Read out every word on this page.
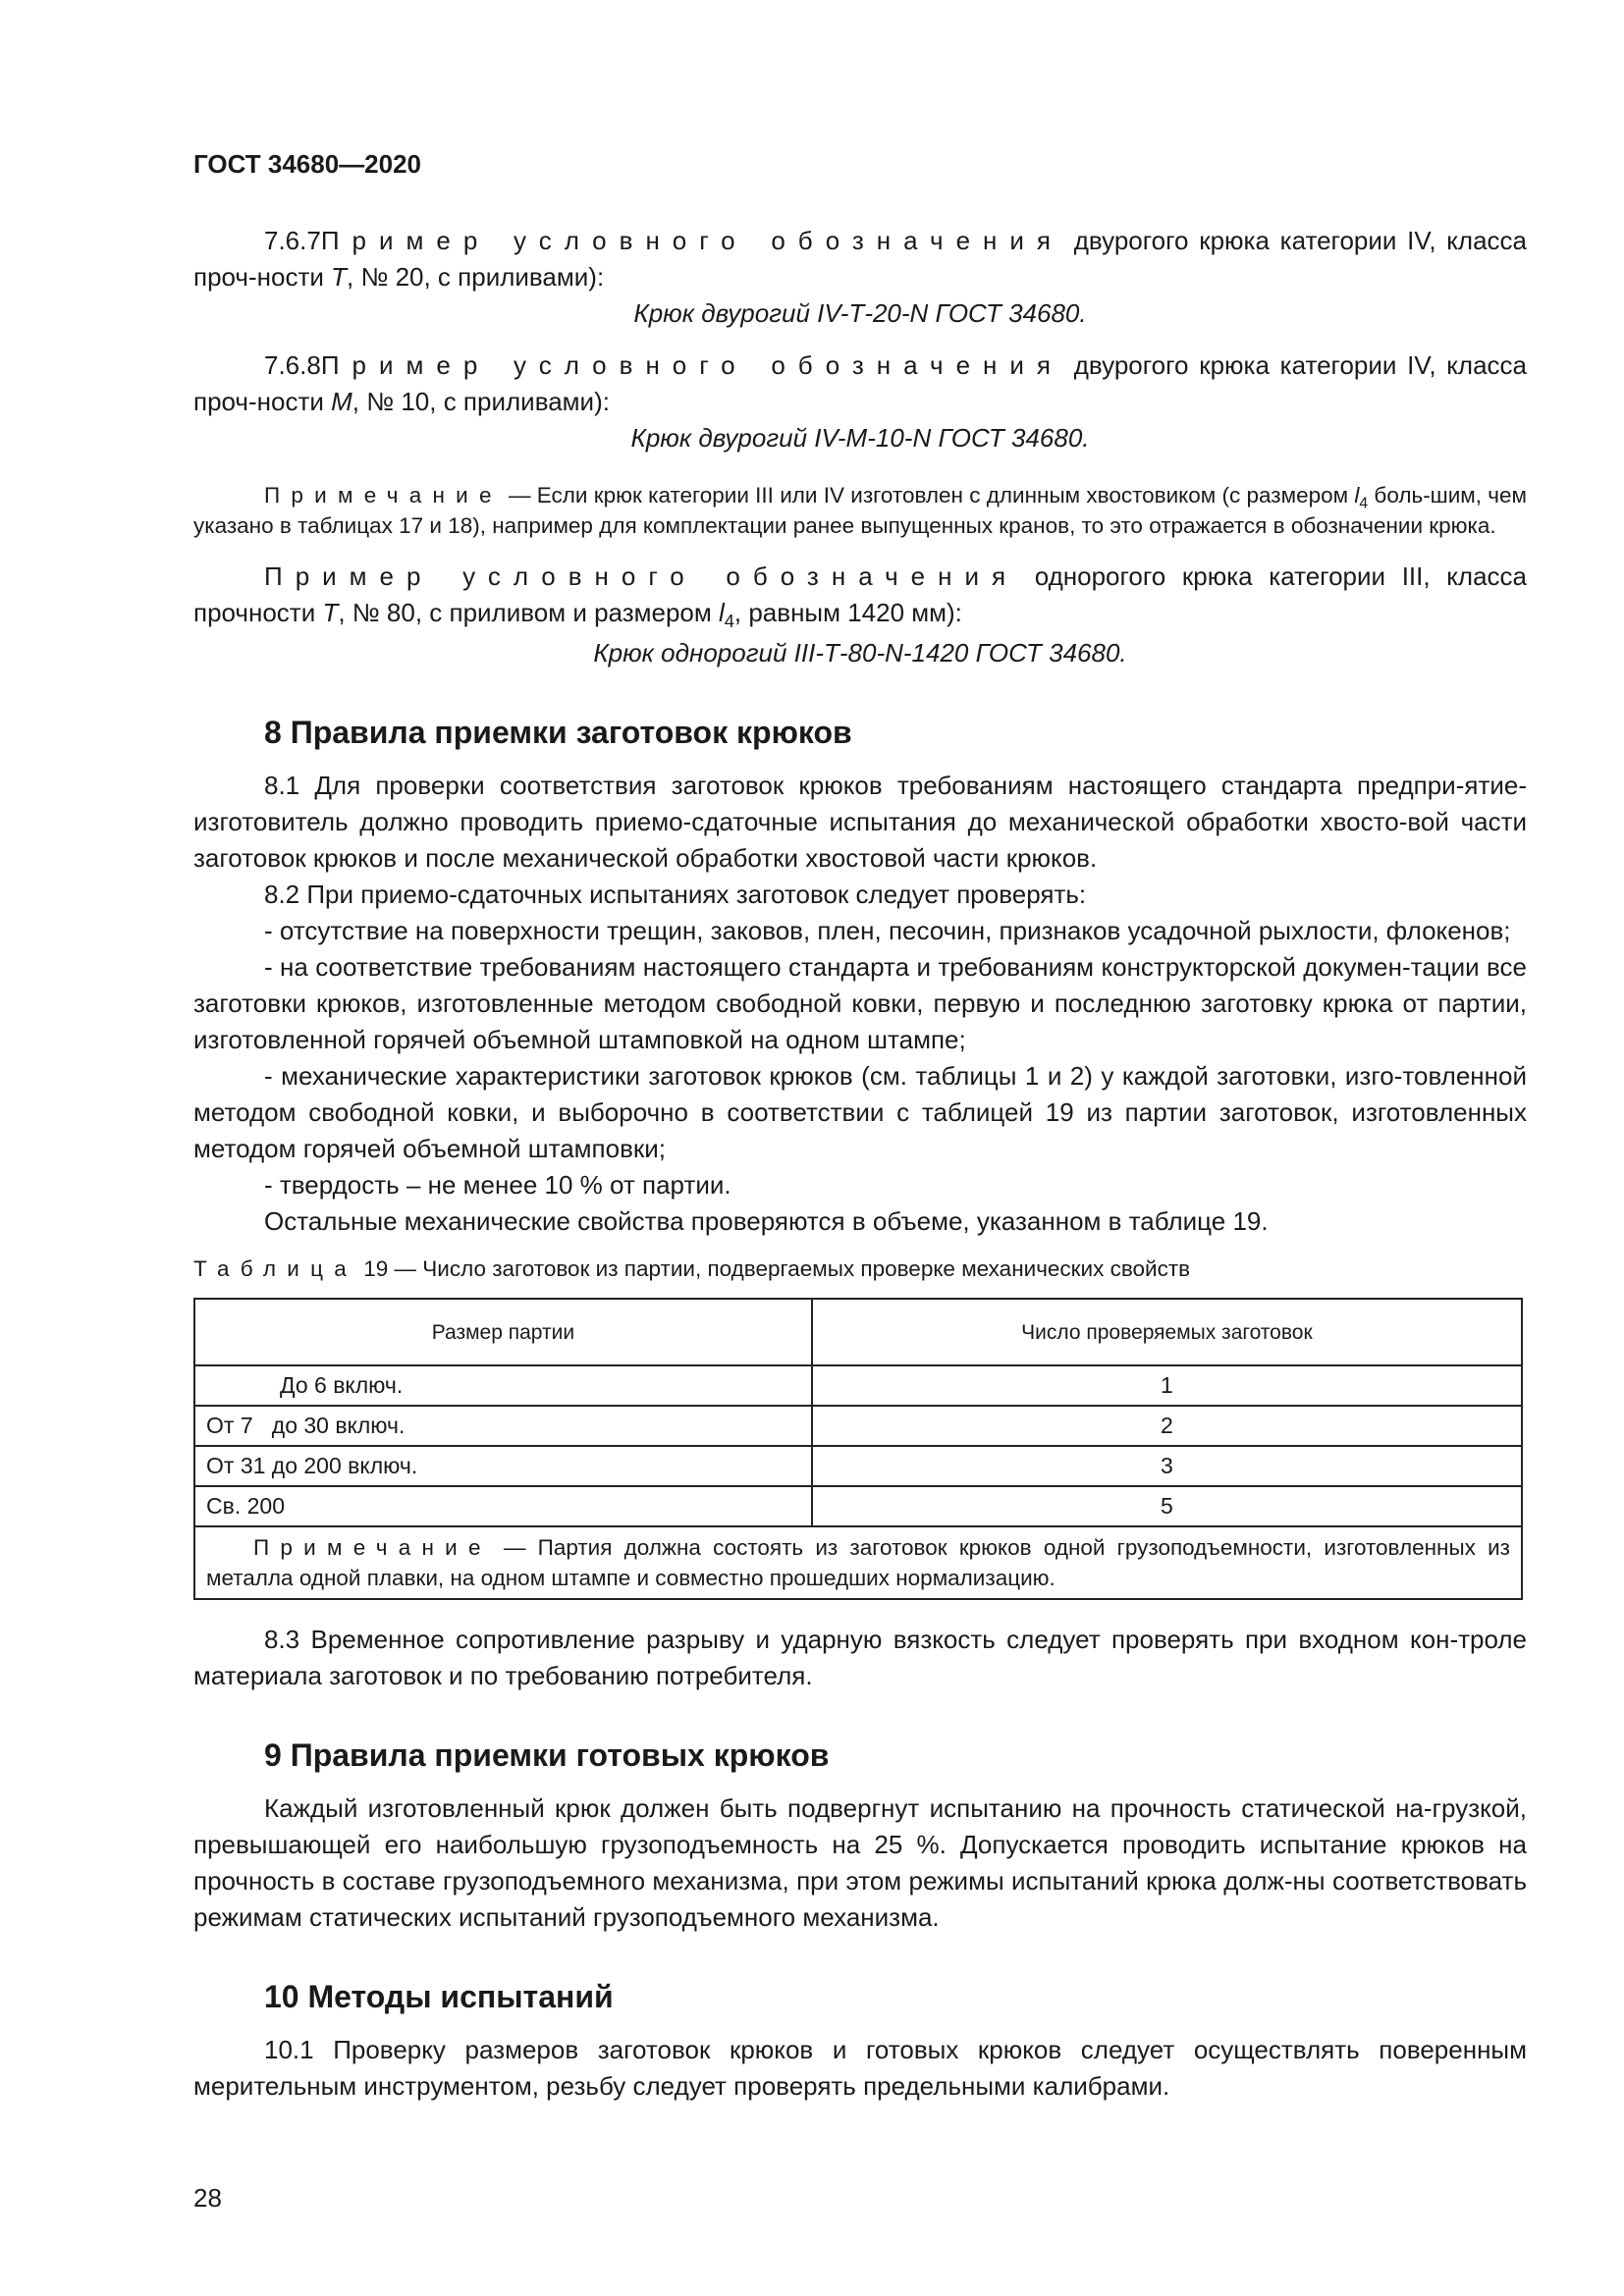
ГОСТ 34680—2020

7.6.7Пример условного обозначения двурогого крюка категории IV, класса проч-ности Т, № 20, с приливами):

Крюк двурогий IV-Т-20-N ГОСТ 34680.

7.6.8Пример условного обозначения двурогого крюка категории IV, класса проч-ности М, № 10, с приливами):

Крюк двурогий IV-М-10-N ГОСТ 34680.

Примечание — Если крюк категории III или IV изготовлен с длинным хвостовиком (с размером $l_4$ боль-шим, чем указано в таблицах 17 и 18), например для комплектации ранее выпущенных кранов, то это отражается в обозначении крюка.

Пример условного обозначения однорогого крюка категории III, класса прочности Т, № 80, с приливом и размером $l_4$, равным 1420 мм):

Крюк однорогий III-Т-80-N-1420 ГОСТ 34680.

8 Правила приемки заготовок крюков

8.1 Для проверки соответствия заготовок крюков требованиям настоящего стандарта предпри-ятие-изготовитель должно проводить приемо-сдаточные испытания до механической обработки хвосто-вой части заготовок крюков и после механической обработки хвостовой части крюков.

8.2 При приемо-сдаточных испытаниях заготовок следует проверять:

- отсутствие на поверхности трещин, заковов, плен, песочин, признаков усадочной рыхлости, флокенов;

- на соответствие требованиям настоящего стандарта и требованиям конструкторской докумен-тации все заготовки крюков, изготовленные методом свободной ковки, первую и последнюю заготовку крюка от партии, изготовленной горячей объемной штамповкой на одном штампе;

- механические характеристики заготовок крюков (см. таблицы 1 и 2) у каждой заготовки, изго-товленной методом свободной ковки, и выборочно в соответствии с таблицей 19 из партии заготовок, изготовленных методом горячей объемной штамповки;

- твердость – не менее 10 % от партии.

Остальные механические свойства проверяются в объеме, указанном в таблице 19.

Таблица 19 — Число заготовок из партии, подвергаемых проверке механических свойств

Размер партии	Число проверяемых заготовок
До 6 включ.	1
От 7   до 30 включ.	2
От 31 до 200 включ.	3
Св. 200	5
Примечание — Партия должна состоять из заготовок крюков одной грузоподъемности, изготовленных из металла одной плавки, на одном штампе и совместно прошедших нормализацию.	

8.3 Временное сопротивление разрыву и ударную вязкость следует проверять при входном кон-троле материала заготовок и по требованию потребителя.

9 Правила приемки готовых крюков

Каждый изготовленный крюк должен быть подвергнут испытанию на прочность статической на-грузкой, превышающей его наибольшую грузоподъемность на 25 %. Допускается проводить испытание крюков на прочность в составе грузоподъемного механизма, при этом режимы испытаний крюка долж-ны соответствовать режимам статических испытаний грузоподъемного механизма.

10 Методы испытаний

10.1 Проверку размеров заготовок крюков и готовых крюков следует осуществлять поверенным мерительным инструментом, резьбу следует проверять предельными калибрами.

28
